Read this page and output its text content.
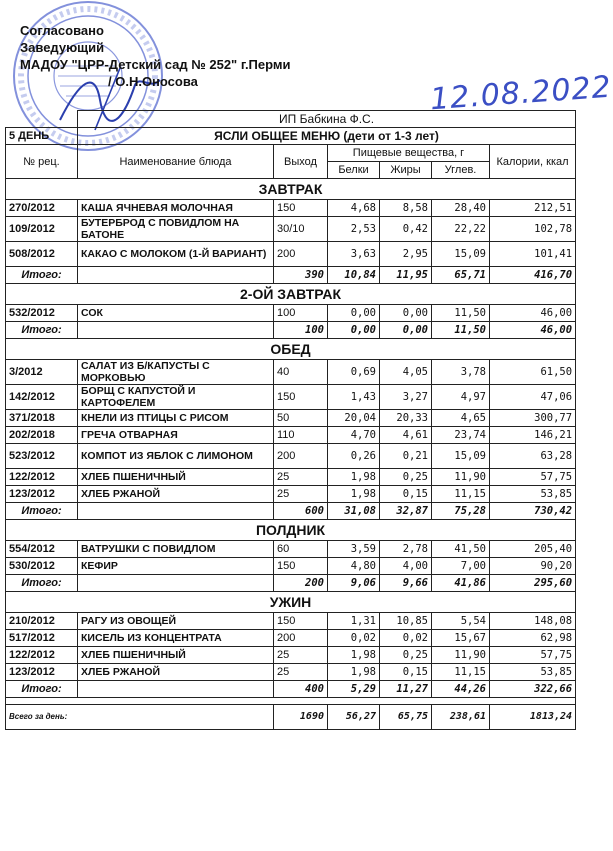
Согласовано
Заведующий
МАДОУ "ЦРР-Детский сад № 252" г.Перми
/ О.Н.Оносова	12.08.2022
	ИП Бабкина Ф.С.					
5 ДЕНЬ	ЯСЛИ ОБЩЕЕ МЕНЮ (дети от 1-3 лет)					
№ рец.	Наименование блюда	Выход	Пищевые вещества, г			Калории, ккал
			Белки	Жиры	Углев.	
ЗАВТРАК						
270/2012	КАША ЯЧНЕВАЯ МОЛОЧНАЯ	150	4,68	8,58	28,40	212,51
109/2012	БУТЕРБРОД С ПОВИДЛОМ НА БАТОНЕ	30/10	2,53	0,42	22,22	102,78
508/2012	КАКАО С МОЛОКОМ (1-Й ВАРИАНТ)	200	3,63	2,95	15,09	101,41
Итого:		390	10,84	11,95	65,71	416,70
2-ОЙ ЗАВТРАК						
532/2012	СОК	100	0,00	0,00	11,50	46,00
Итого:		100	0,00	0,00	11,50	46,00
ОБЕД						
3/2012	САЛАТ ИЗ Б/КАПУСТЫ С МОРКОВЬЮ	40	0,69	4,05	3,78	61,50
142/2012	БОРЩ С КАПУСТОЙ И КАРТОФЕЛЕМ	150	1,43	3,27	4,97	47,06
371/2018	КНЕЛИ ИЗ ПТИЦЫ С РИСОМ	50	20,04	20,33	4,65	300,77
202/2018	ГРЕЧА ОТВАРНАЯ	110	4,70	4,61	23,74	146,21
523/2012	КОМПОТ ИЗ ЯБЛОК С ЛИМОНОМ	200	0,26	0,21	15,09	63,28
122/2012	ХЛЕБ ПШЕНИЧНЫЙ	25	1,98	0,25	11,90	57,75
123/2012	ХЛЕБ РЖАНОЙ	25	1,98	0,15	11,15	53,85
Итого:		600	31,08	32,87	75,28	730,42
ПОЛДНИК						
554/2012	ВАТРУШКИ С ПОВИДЛОМ	60	3,59	2,78	41,50	205,40
530/2012	КЕФИР	150	4,80	4,00	7,00	90,20
Итого:		200	9,06	9,66	41,86	295,60
УЖИН						
210/2012	РАГУ ИЗ ОВОЩЕЙ	150	1,31	10,85	5,54	148,08
517/2012	КИСЕЛЬ ИЗ КОНЦЕНТРАТА	200	0,02	0,02	15,67	62,98
122/2012	ХЛЕБ ПШЕНИЧНЫЙ	25	1,98	0,25	11,90	57,75
123/2012	ХЛЕБ РЖАНОЙ	25	1,98	0,15	11,15	53,85
Итого:		400	5,29	11,27	44,26	322,66

Всего за день:		1690	56,27	65,75	238,61	1813,24
